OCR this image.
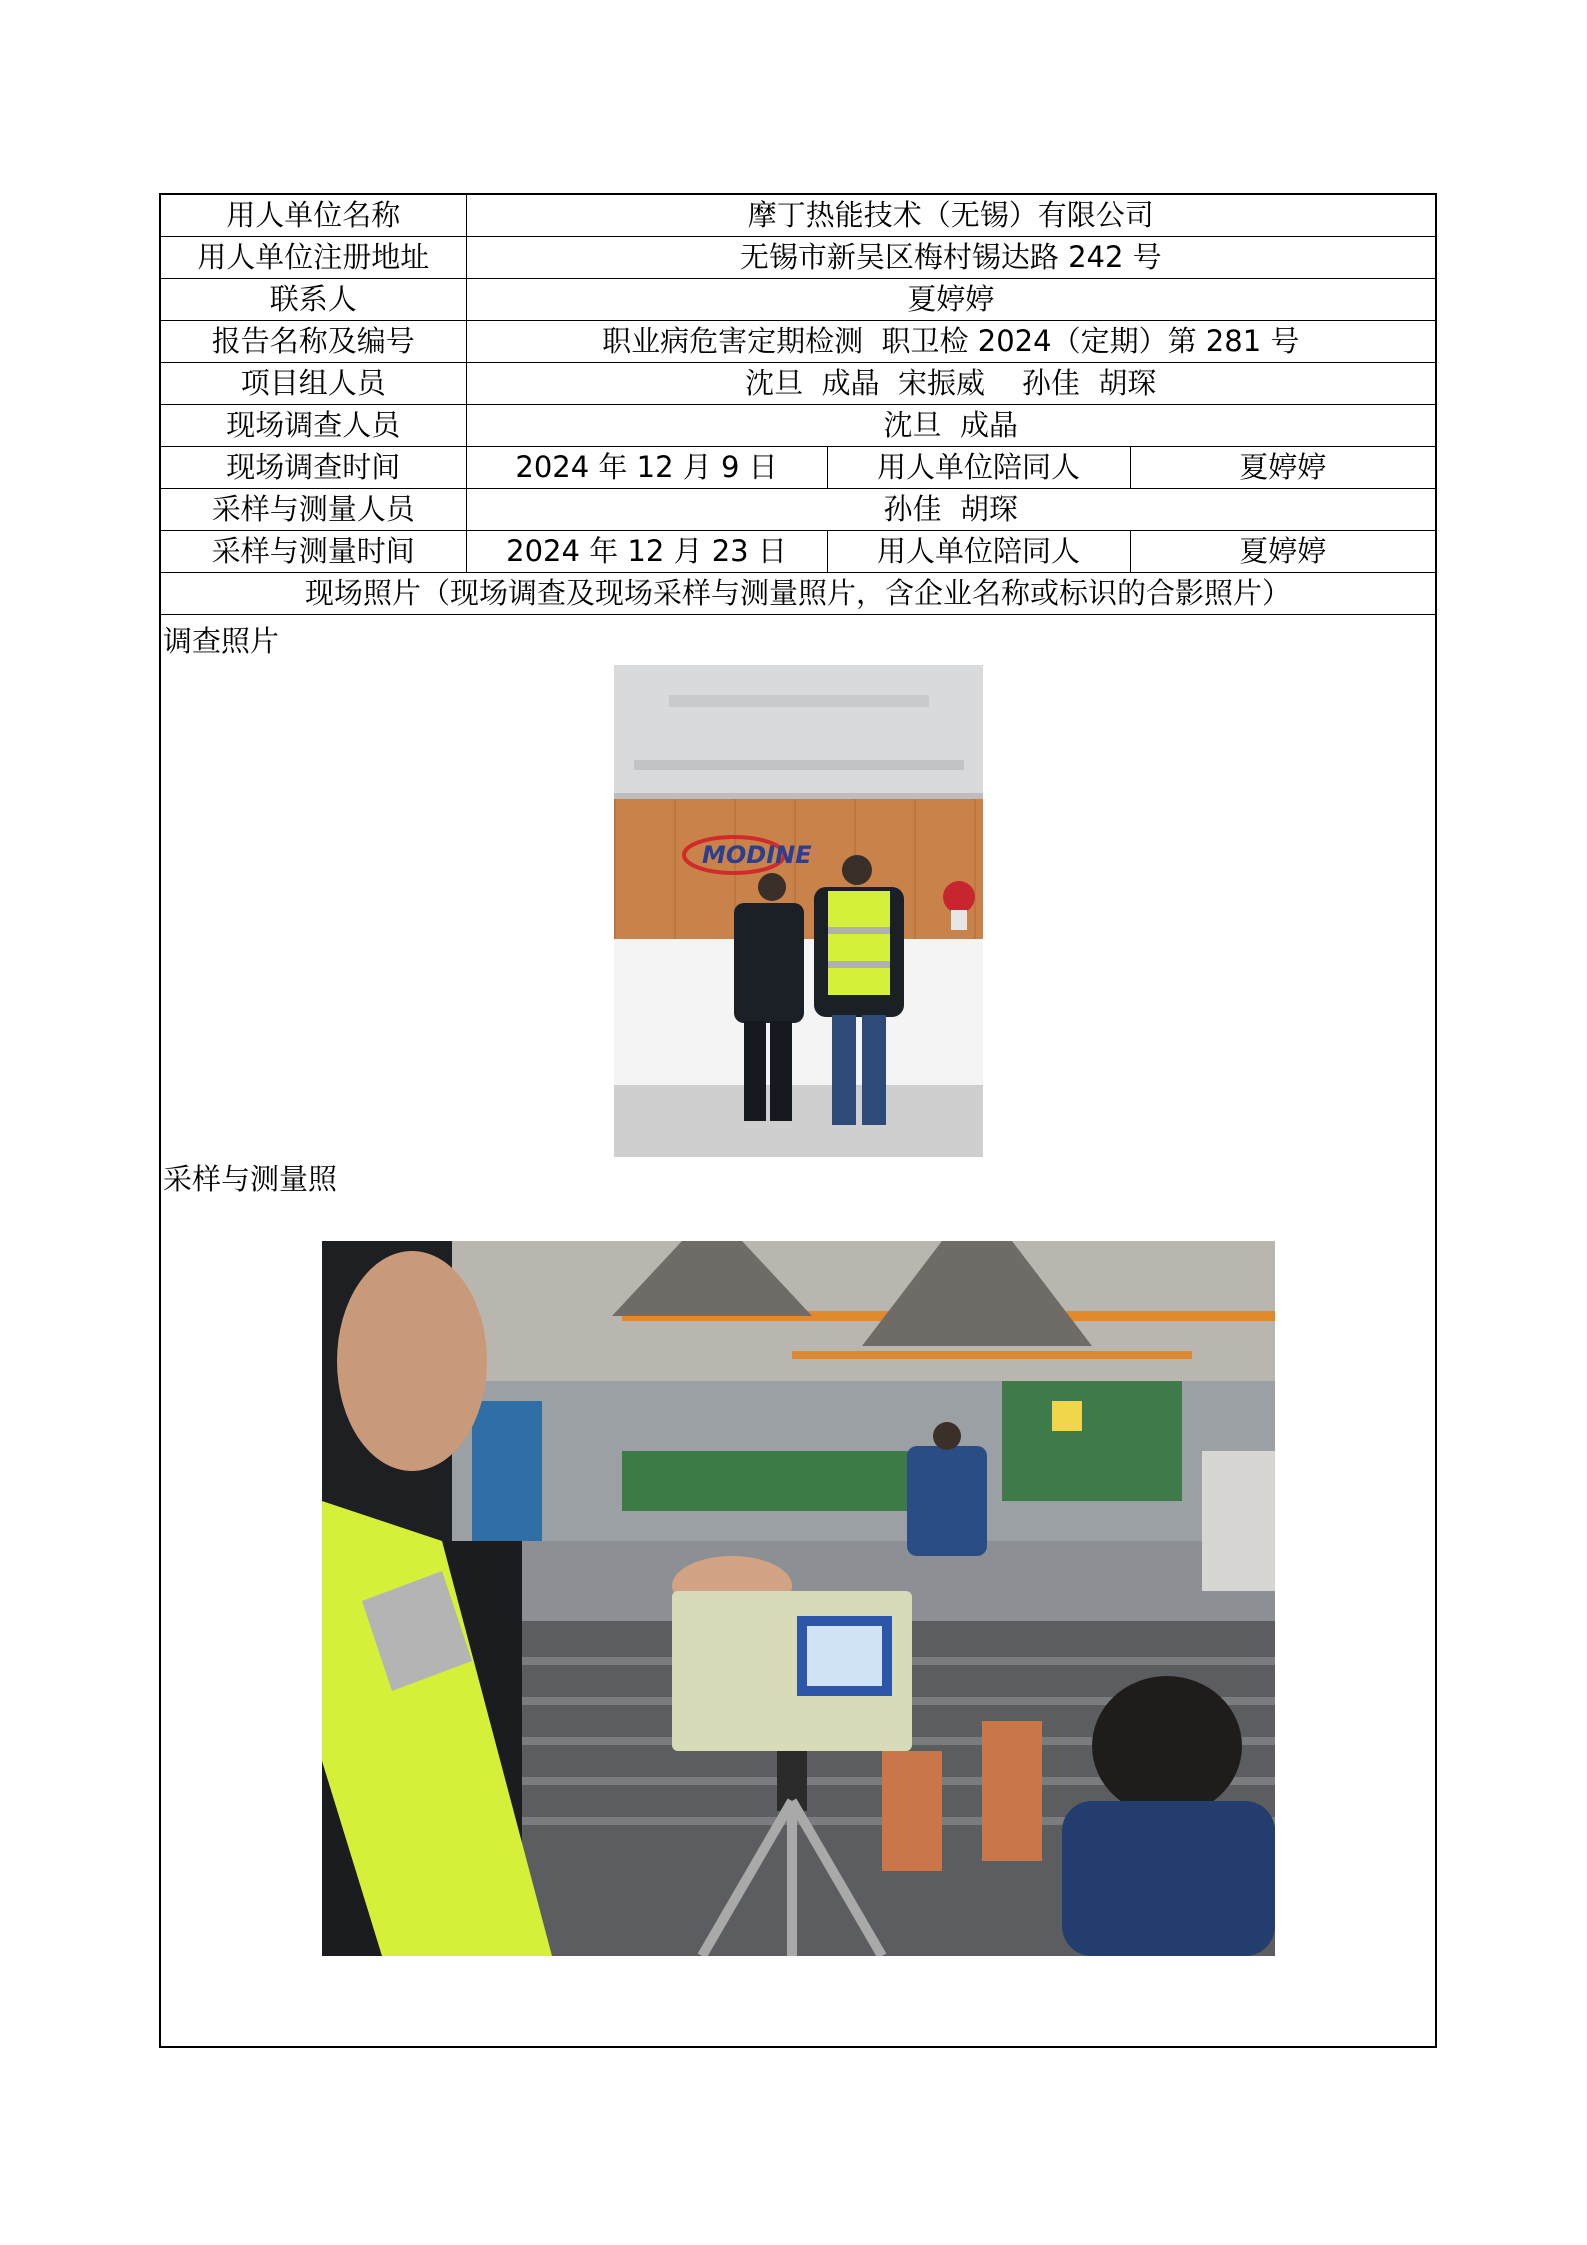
用人单位名称	摩丁热能技术（无锡）有限公司		
用人单位注册地址	无锡市新吴区梅村锡达路 242 号		
联系人	夏婷婷		
报告名称及编号	职业病危害定期检测  职卫检 2024（定期）第 281 号		
项目组人员	沈旦  成晶  宋振威    孙佳  胡琛		
现场调查人员	沈旦  成晶		
现场调查时间	2024 年 12 月 9 日	用人单位陪同人	夏婷婷
采样与测量人员	孙佳  胡琛		
采样与测量时间	2024 年 12 月 23 日	用人单位陪同人	夏婷婷
现场照片（现场调查及现场采样与测量照片，含企业名称或标识的合影照片）			
调查照片
MODINE
采样与测量照
